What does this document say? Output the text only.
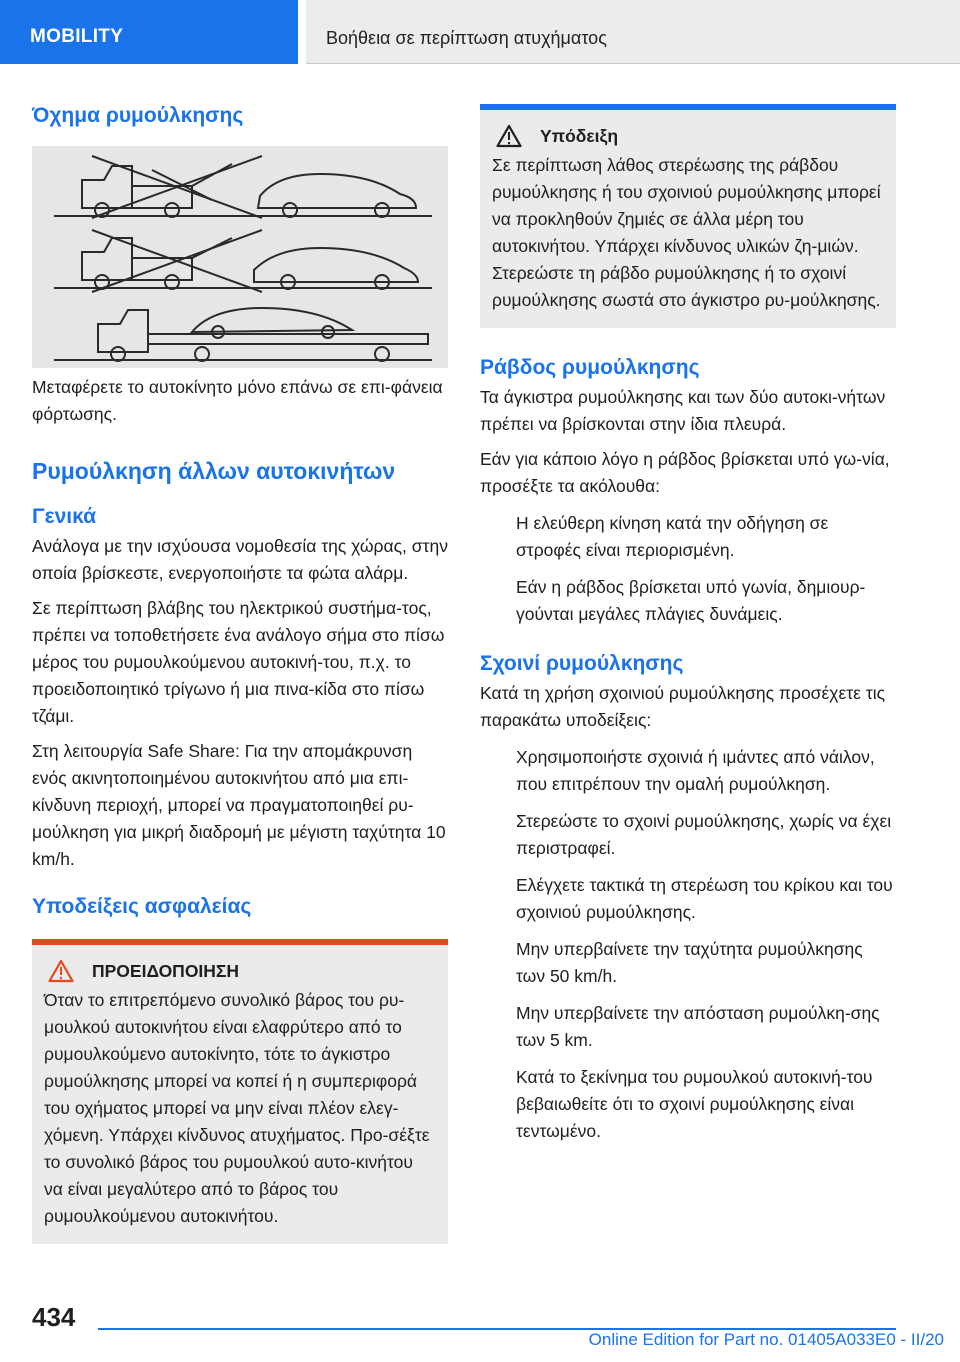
MOBILITY	Βοήθεια σε περίπτωση ατυχήματος
Όχημα ρυμούλκησης

Μεταφέρετε το αυτοκίνητο μόνο επάνω σε επι-φάνεια φόρτωσης.

Ρυμούλκηση άλλων αυτοκινήτων
Γενικά

Ανάλογα με την ισχύουσα νομοθεσία της χώρας, στην οποία βρίσκεστε, ενεργοποιήστε τα φώτα αλάρμ.

Σε περίπτωση βλάβης του ηλεκτρικού συστήμα-τος, πρέπει να τοποθετήσετε ένα ανάλογο σήμα στο πίσω μέρος του ρυμουλκούμενου αυτοκινή-του, π.χ. το προειδοποιητικό τρίγωνο ή μια πινα-κίδα στο πίσω τζάμι.

Στη λειτουργία Safe Share: Για την απομάκρυνση ενός ακινητοποιημένου αυτοκινήτου από μια επι-κίνδυνη περιοχή, μπορεί να πραγματοποιηθεί ρυ-μούλκηση για μικρή διαδρομή με μέγιστη ταχύτητα 10 km/h.

Υποδείξεις ασφαλείας
ΠΡΟΕΙΔΟΠΟΙΗΣΗ

Όταν το επιτρεπόμενο συνολικό βάρος του ρυ-μουλκού αυτοκινήτου είναι ελαφρύτερο από το ρυμουλκούμενο αυτοκίνητο, τότε το άγκιστρο ρυμούλκησης μπορεί να κοπεί ή η συμπεριφορά του οχήματος μπορεί να μην είναι πλέον ελεγ-χόμενη. Υπάρχει κίνδυνος ατυχήματος. Προ-σέξτε το συνολικό βάρος του ρυμουλκού αυτο-κινήτου να είναι μεγαλύτερο από το βάρος του ρυμουλκούμενου αυτοκινήτου.

Υπόδειξη

Σε περίπτωση λάθος στερέωσης της ράβδου ρυμούλκησης ή του σχοινιού ρυμούλκησης μπορεί να προκληθούν ζημιές σε άλλα μέρη του αυτοκινήτου. Υπάρχει κίνδυνος υλικών ζη-μιών. Στερεώστε τη ράβδο ρυμούλκησης ή το σχοινί ρυμούλκησης σωστά στο άγκιστρο ρυ-μούλκησης.

Ράβδος ρυμούλκησης

Τα άγκιστρα ρυμούλκησης και των δύο αυτοκι-νήτων πρέπει να βρίσκονται στην ίδια πλευρά.

Εάν για κάποιο λόγο η ράβδος βρίσκεται υπό γω-νία, προσέξτε τα ακόλουθα:

Η ελεύθερη κίνηση κατά την οδήγηση σε στροφές είναι περιορισμένη.
Εάν η ράβδος βρίσκεται υπό γωνία, δημιουρ-γούνται μεγάλες πλάγιες δυνάμεις.
Σχοινί ρυμούλκησης

Κατά τη χρήση σχοινιού ρυμούλκησης προσέχετε τις παρακάτω υποδείξεις:

Χρησιμοποιήστε σχοινιά ή ιμάντες από νάιλον, που επιτρέπουν την ομαλή ρυμούλκηση.
Στερεώστε το σχοινί ρυμούλκησης, χωρίς να έχει περιστραφεί.
Ελέγχετε τακτικά τη στερέωση του κρίκου και του σχοινιού ρυμούλκησης.
Μην υπερβαίνετε την ταχύτητα ρυμούλκησης των 50 km/h.
Μην υπερβαίνετε την απόσταση ρυμούλκη-σης των 5 km.
Κατά το ξεκίνημα του ρυμουλκού αυτοκινή-του βεβαιωθείτε ότι το σχοινί ρυμούλκησης είναι τεντωμένο.
434
Online Edition for Part no. 01405A033E0 - II/20
